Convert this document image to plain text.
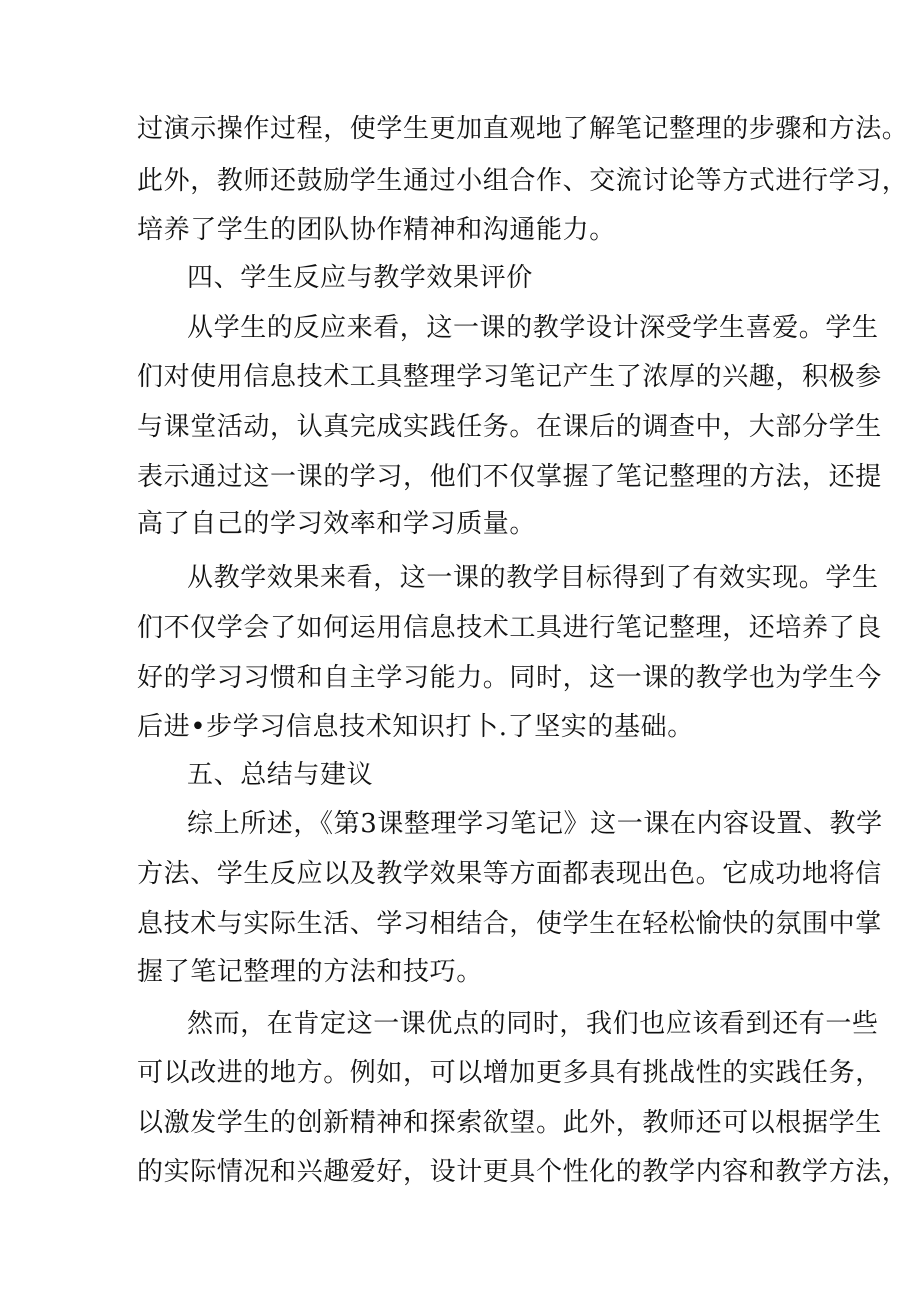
过演示操作过程，使学生更加直观地了解笔记整理的步骤和方法。
此外，教师还鼓励学生通过小组合作、交流讨论等方式进行学习，
培养了学生的团队协作精神和沟通能力。
四、学生反应与教学效果评价
从学生的反应来看，这一课的教学设计深受学生喜爱。学生
们对使用信息技术工具整理学习笔记产生了浓厚的兴趣，积极参
与课堂活动，认真完成实践任务。在课后的调查中，大部分学生
表示通过这一课的学习，他们不仅掌握了笔记整理的方法，还提
高了自己的学习效率和学习质量。
从教学效果来看，这一课的教学目标得到了有效实现。学生
们不仅学会了如何运用信息技术工具进行笔记整理，还培养了良
好的学习习惯和自主学习能力。同时，这一课的教学也为学生今
后进•步学习信息技术知识打卜.了坚实的基础。
五、总结与建议
综上所述，《第3课整理学习笔记》这一课在内容设置、教学
方法、学生反应以及教学效果等方面都表现出色。它成功地将信
息技术与实际生活、学习相结合，使学生在轻松愉快的氛围中掌
握了笔记整理的方法和技巧。
然而，在肯定这一课优点的同时，我们也应该看到还有一些
可以改进的地方。例如，可以增加更多具有挑战性的实践任务，
以激发学生的创新精神和探索欲望。此外，教师还可以根据学生
的实际情况和兴趣爱好，设计更具个性化的教学内容和教学方法，
